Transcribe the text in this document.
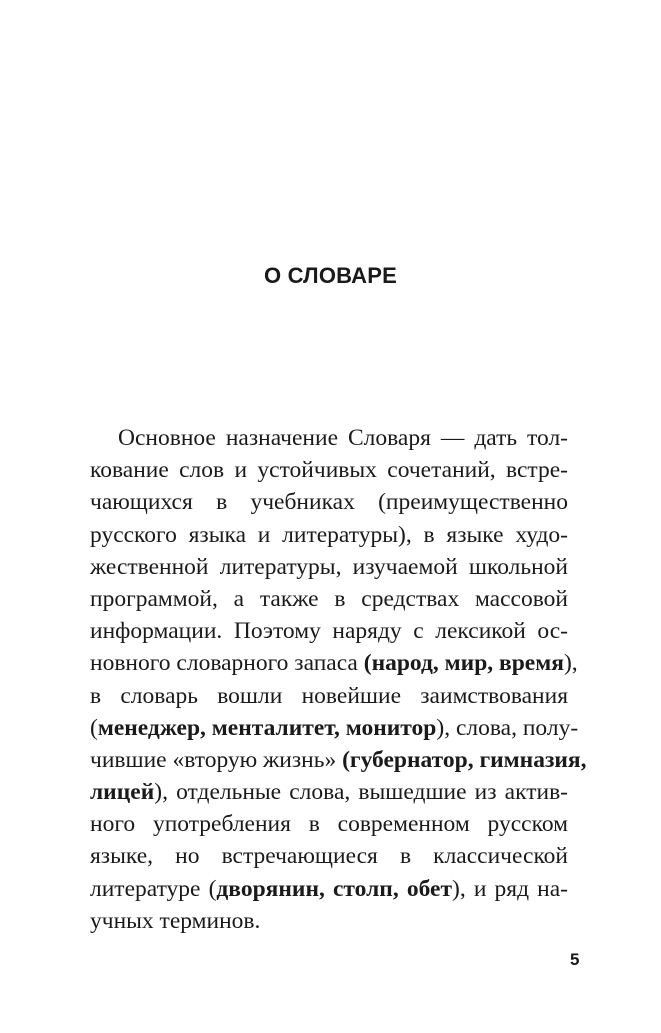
О СЛОВАРЕ
Основное назначение Словаря — дать тол-
кование слов и устойчивых сочетаний, встре-
чающихся в учебниках (преимущественно
русского языка и литературы), в языке худо-
жественной литературы, изучаемой школьной
программой, а также в средствах массовой
информации. Поэтому наряду с лексикой ос-
новного словарного запаса (народ, мир, время),
в словарь вошли новейшие заимствования
(менеджер, менталитет, монитор), слова, полу-
чившие «вторую жизнь» (губернатор, гимназия,
лицей), отдельные слова, вышедшие из актив-
ного употребления в современном русском
языке, но встречающиеся в классической
литературе (дворянин, столп, обет), и ряд на-
учных терминов.
5
